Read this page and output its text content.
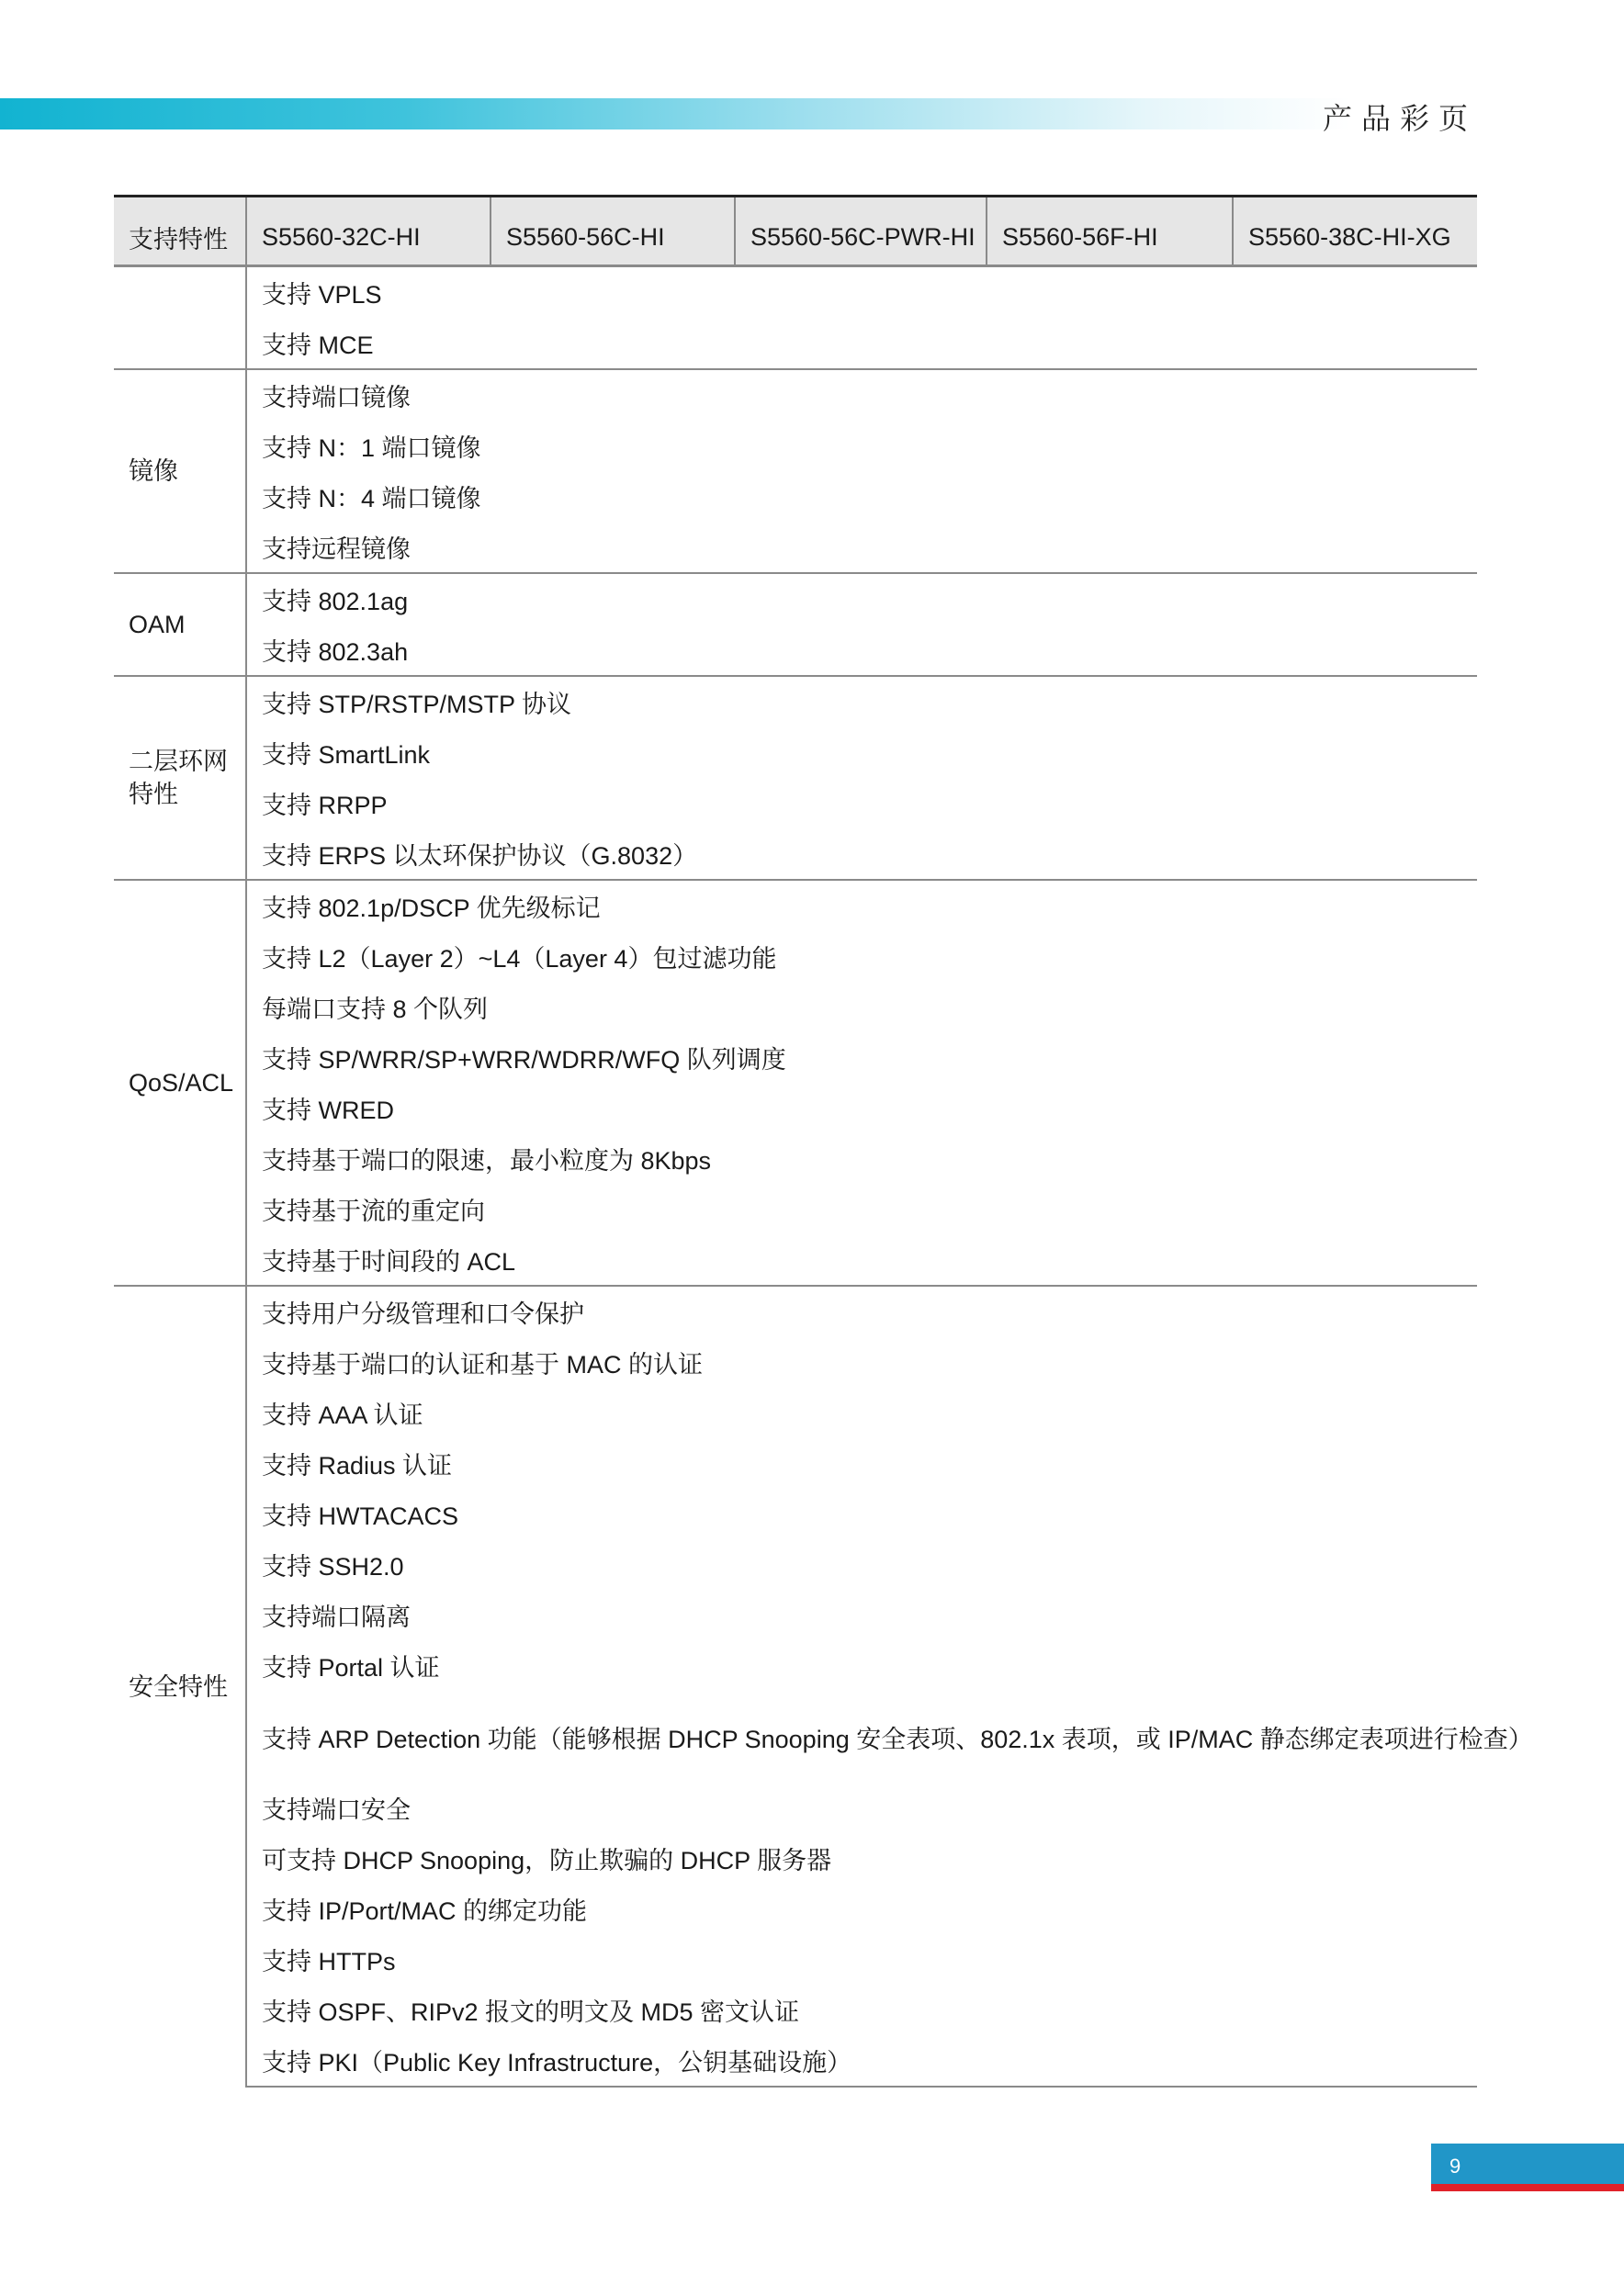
产品彩页
支持特性	S5560-32C-HI	S5560-56C-HI	S5560-56C-PWR-HI	S5560-56F-HI	S5560-38C-HI-XG
	支持 VPLS				
	支持 MCE				
镜像	支持端口镜像				
	支持 N：1 端口镜像				
	支持 N：4 端口镜像				
	支持远程镜像				
OAM	支持 802.1ag				
	支持 802.3ah				
二层环网特性	支持 STP/RSTP/MSTP 协议				
	支持 SmartLink				
	支持 RRPP				
	支持 ERPS 以太环保护协议（G.8032）				
QoS/ACL	支持 802.1p/DSCP 优先级标记				
	支持 L2（Layer 2）~L4（Layer 4）包过滤功能				
	每端口支持 8 个队列				
	支持 SP/WRR/SP+WRR/WDRR/WFQ 队列调度				
	支持 WRED				
	支持基于端口的限速，最小粒度为 8Kbps				
	支持基于流的重定向				
	支持基于时间段的 ACL				
安全特性	支持用户分级管理和口令保护				
	支持基于端口的认证和基于 MAC 的认证				
	支持 AAA 认证				
	支持 Radius 认证				
	支持 HWTACACS				
	支持 SSH2.0				
	支持端口隔离				
	支持 Portal 认证				
	支持 ARP Detection 功能（能够根据 DHCP Snooping 安全表项、802.1x 表项，或 IP/MAC 静态绑定表项进行检查）				
	支持端口安全				
	可支持 DHCP Snooping，防止欺骗的 DHCP 服务器				
	支持 IP/Port/MAC 的绑定功能				
	支持 HTTPs				
	支持 OSPF、RIPv2 报文的明文及 MD5 密文认证				
	支持 PKI（Public Key Infrastructure，公钥基础设施）				
9
